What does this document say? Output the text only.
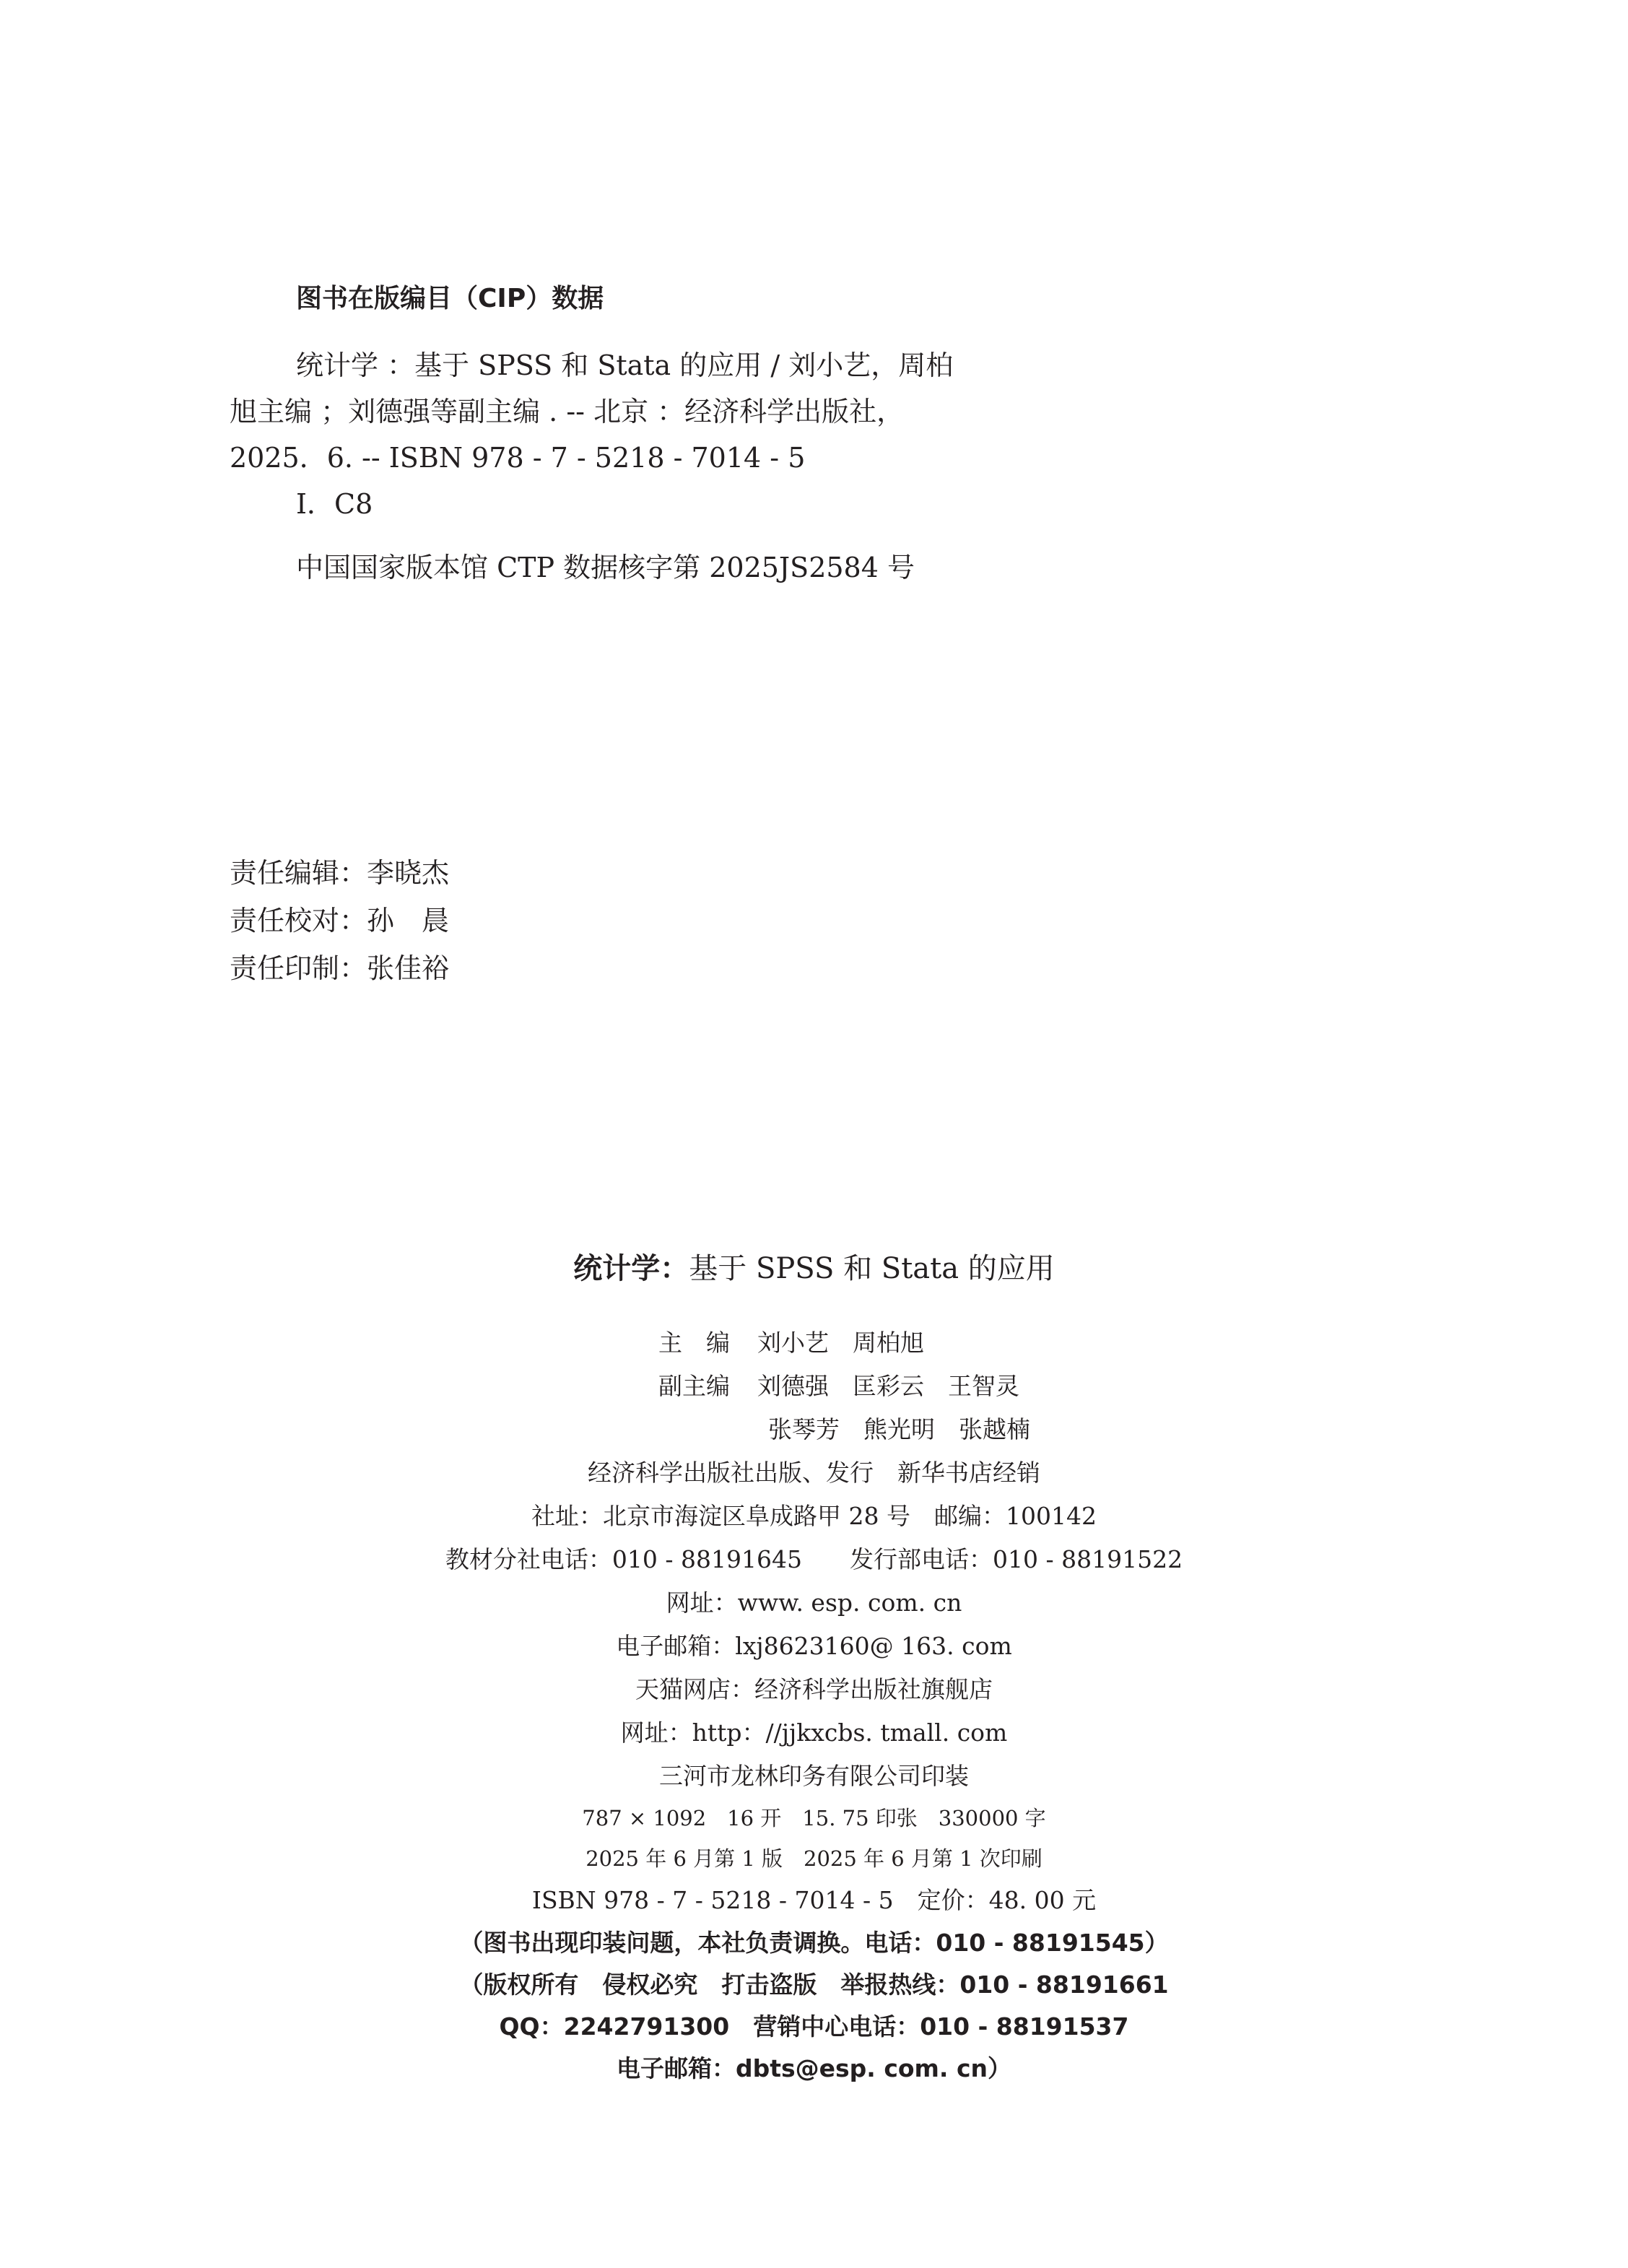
图书在版编目（CIP）数据

统计学 ：基于 SPSS 和 Stata 的应用 / 刘小艺，周柏

旭主编 ；刘德强等副主编 . -- 北京 ：经济科学出版社，

2025．6. -- ISBN 978 - 7 - 5218 - 7014 - 5

Ⅰ．C8

中国国家版本馆 CTP 数据核字第 2025JS2584 号

责任编辑：李晓杰

责任校对：孙　晨

责任印制：张佳裕

统计学：基于 SPSS 和 Stata 的应用

主　编 刘小艺　周柏旭

副主编 刘德强　匡彩云　王智灵

张琴芳　熊光明　张越楠

经济科学出版社出版、发行　新华书店经销

社址：北京市海淀区阜成路甲 28 号　邮编：100142

教材分社电话：010 - 88191645　　发行部电话：010 - 88191522

网址：www. esp. com. cn

电子邮箱：lxj8623160@ 163. com

天猫网店：经济科学出版社旗舰店

网址：http：//jjkxcbs. tmall. com

三河市龙林印务有限公司印装

787 × 1092　16 开　15. 75 印张　330000 字

2025 年 6 月第 1 版　2025 年 6 月第 1 次印刷

ISBN 978 - 7 - 5218 - 7014 - 5　定价：48. 00 元

（图书出现印装问题，本社负责调换。电话：010 - 88191545）

（版权所有　侵权必究　打击盗版　举报热线：010 - 88191661

QQ：2242791300　营销中心电话：010 - 88191537

电子邮箱：dbts@esp. com. cn）
